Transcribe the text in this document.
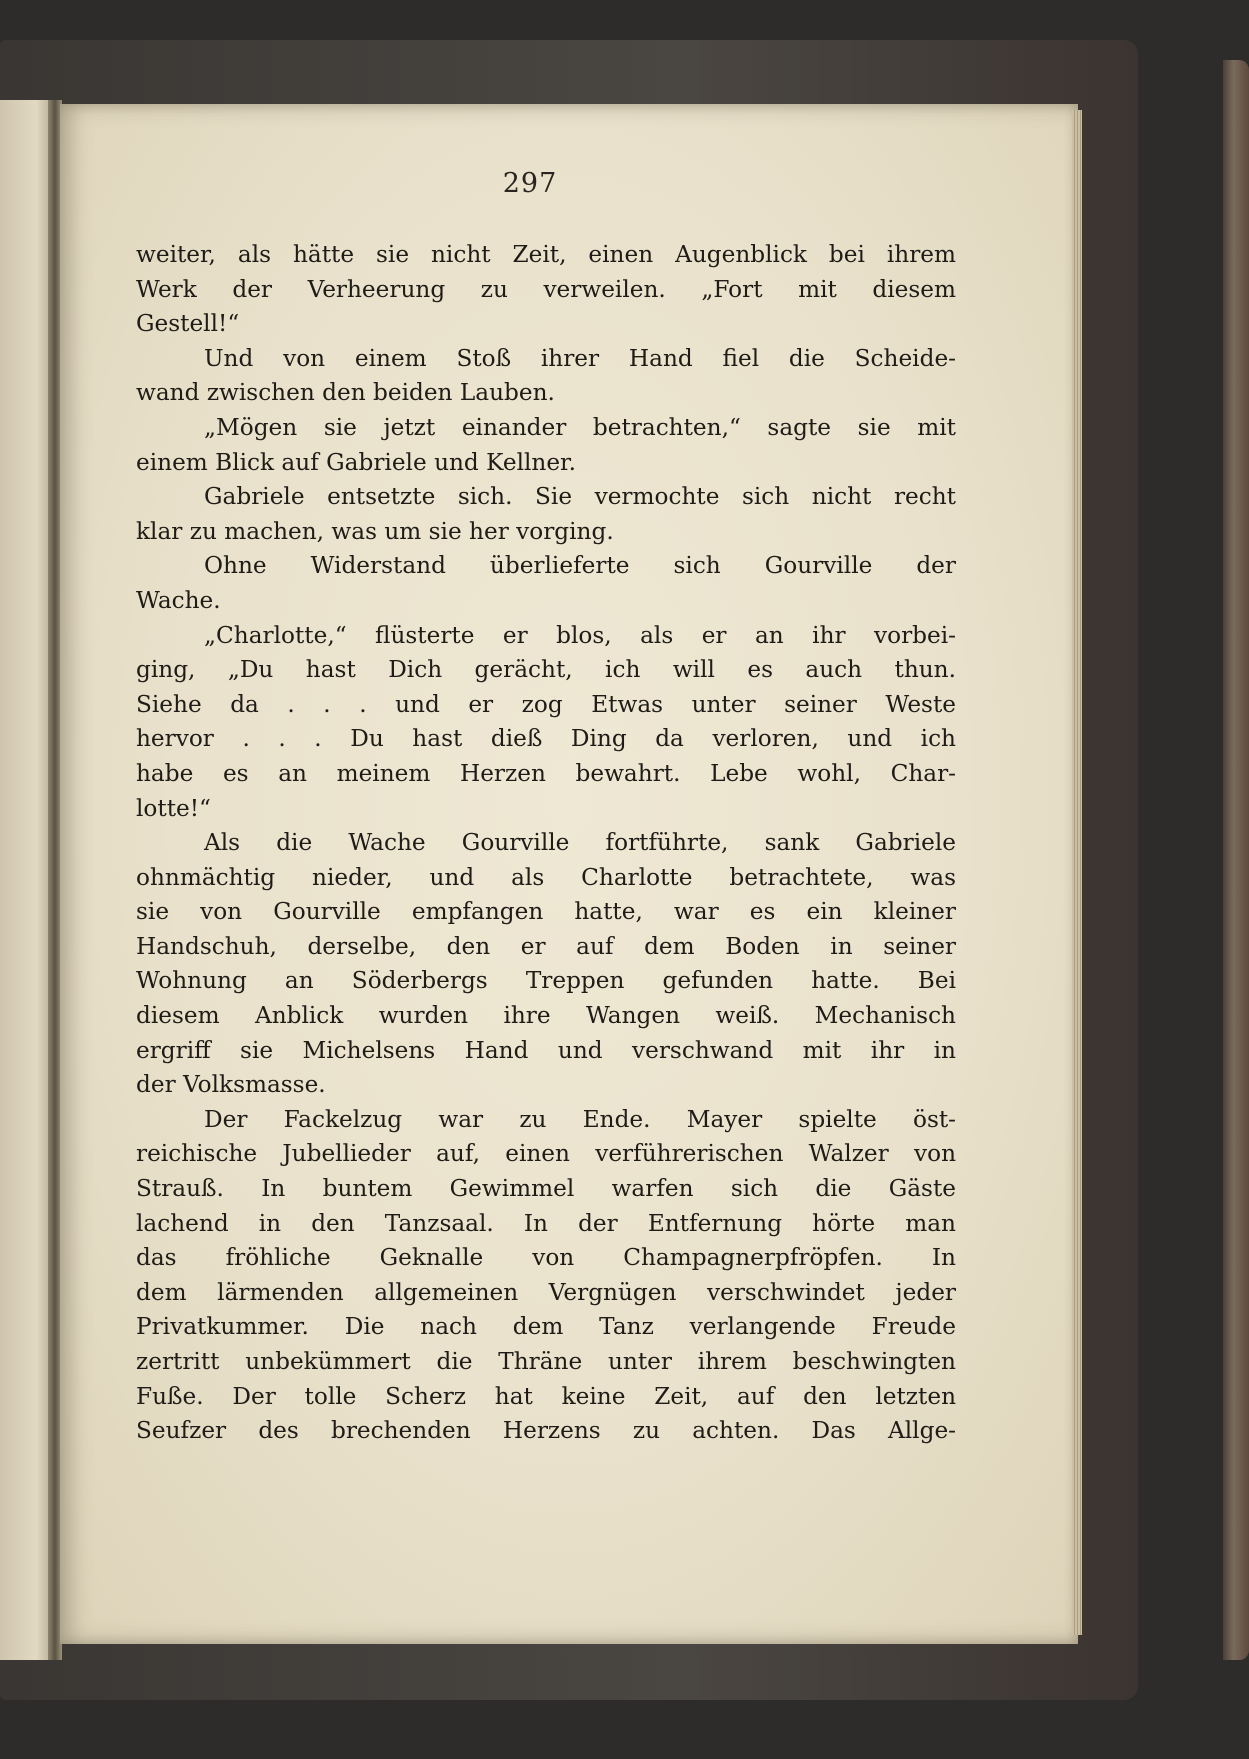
297
weiter, als hätte sie nicht Zeit, einen Augenblick bei ihrem
Werk der Verheerung zu verweilen. „Fort mit diesem
Gestell!“
Und von einem Stoß ihrer Hand fiel die Scheide-
wand zwischen den beiden Lauben.
„Mögen sie jetzt einander betrachten,“ sagte sie mit
einem Blick auf Gabriele und Kellner.
Gabriele entsetzte sich. Sie vermochte sich nicht recht
klar zu machen, was um sie her vorging.
Ohne Widerstand überlieferte sich Gourville der
Wache.
„Charlotte,“ flüsterte er blos, als er an ihr vorbei-
ging, „Du hast Dich gerächt, ich will es auch thun.
Siehe da . . . und er zog Etwas unter seiner Weste
hervor . . . Du hast dieß Ding da verloren, und ich
habe es an meinem Herzen bewahrt. Lebe wohl, Char-
lotte!“
Als die Wache Gourville fortführte, sank Gabriele
ohnmächtig nieder, und als Charlotte betrachtete, was
sie von Gourville empfangen hatte, war es ein kleiner
Handschuh, derselbe, den er auf dem Boden in seiner
Wohnung an Söderbergs Treppen gefunden hatte. Bei
diesem Anblick wurden ihre Wangen weiß. Mechanisch
ergriff sie Michelsens Hand und verschwand mit ihr in
der Volksmasse.
Der Fackelzug war zu Ende. Mayer spielte öst-
reichische Jubellieder auf, einen verführerischen Walzer von
Strauß. In buntem Gewimmel warfen sich die Gäste
lachend in den Tanzsaal. In der Entfernung hörte man
das fröhliche Geknalle von Champagnerpfröpfen. In
dem lärmenden allgemeinen Vergnügen verschwindet jeder
Privatkummer. Die nach dem Tanz verlangende Freude
zertritt unbekümmert die Thräne unter ihrem beschwingten
Fuße. Der tolle Scherz hat keine Zeit, auf den letzten
Seufzer des brechenden Herzens zu achten. Das Allge-
